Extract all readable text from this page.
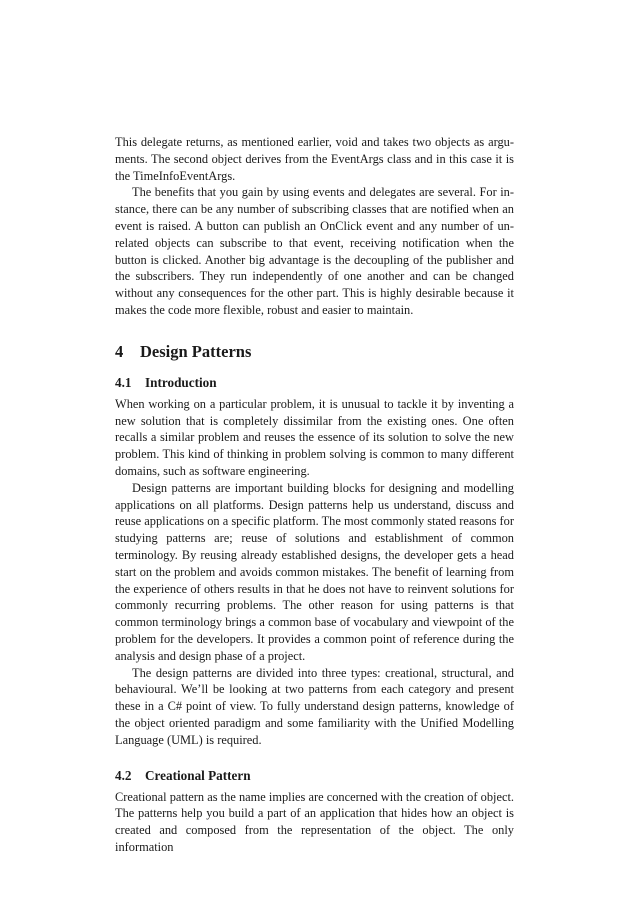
This delegate returns, as mentioned earlier, void and takes two objects as arguments. The second object derives from the EventArgs class and in this case it is the TimeInfoEventArgs.

The benefits that you gain by using events and delegates are several. For instance, there can be any number of subscribing classes that are notified when an event is raised. A button can publish an OnClick event and any number of unrelated objects can subscribe to that event, receiving notification when the button is clicked. Another big advantage is the decoupling of the publisher and the subscribers. They run independently of one another and can be changed without any consequences for the other part. This is highly desirable because it makes the code more flexible, robust and easier to maintain.

4 Design Patterns
4.1 Introduction

When working on a particular problem, it is unusual to tackle it by inventing a new solution that is completely dissimilar from the existing ones. One often recalls a similar problem and reuses the essence of its solution to solve the new problem. This kind of thinking in problem solving is common to many different domains, such as software engineering.

Design patterns are important building blocks for designing and modelling applications on all platforms. Design patterns help us understand, discuss and reuse applications on a specific platform. The most commonly stated reasons for studying patterns are; reuse of solutions and establishment of common terminology. By reusing already established designs, the developer gets a head start on the problem and avoids common mistakes. The benefit of learning from the experience of others results in that he does not have to reinvent solutions for commonly recurring problems. The other reason for using patterns is that common terminology brings a common base of vocabulary and viewpoint of the problem for the developers. It provides a common point of reference during the analysis and design phase of a project.

The design patterns are divided into three types: creational, structural, and behavioural. We’ll be looking at two patterns from each category and present these in a C# point of view. To fully understand design patterns, knowledge of the object oriented paradigm and some familiarity with the Unified Modelling Language (UML) is required.

4.2 Creational Pattern

Creational pattern as the name implies are concerned with the creation of object. The patterns help you build a part of an application that hides how an object is created and composed from the representation of the object. The only information
